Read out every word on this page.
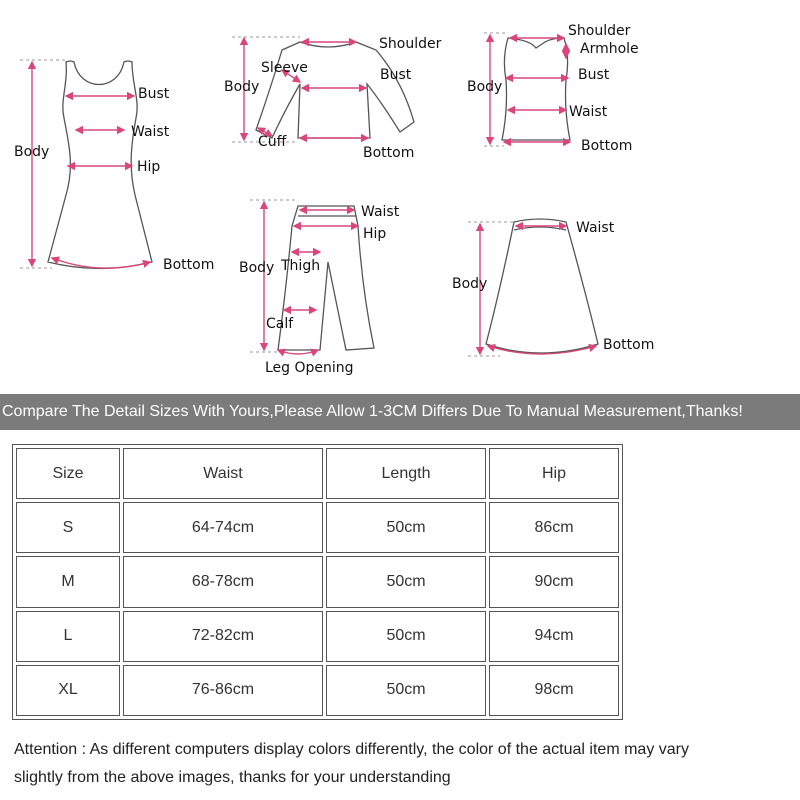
Bust
Waist
Body
Hip
Bottom
Shoulder
Sleeve	Bust
Body
Cuff
Bottom
Shoulder
Armhole
Bust
Body
Waist
Bottom
Waist
Hip
Body Thigh
Calf
Leg Opening
Waist
Body
Bottom
Compare The Detail Sizes With Yours,Please Allow 1-3CM Differs Due To Manual Measurement,Thanks!
Size	Waist	Length	Hip
S	64-74cm	50cm	86cm
M	68-78cm	50cm	90cm
L	72-82cm	50cm	94cm
XL	76-86cm	50cm	98cm
Attention : As different computers display colors differently, the color of the actual item may vary
slightly from the above images, thanks for your understanding
